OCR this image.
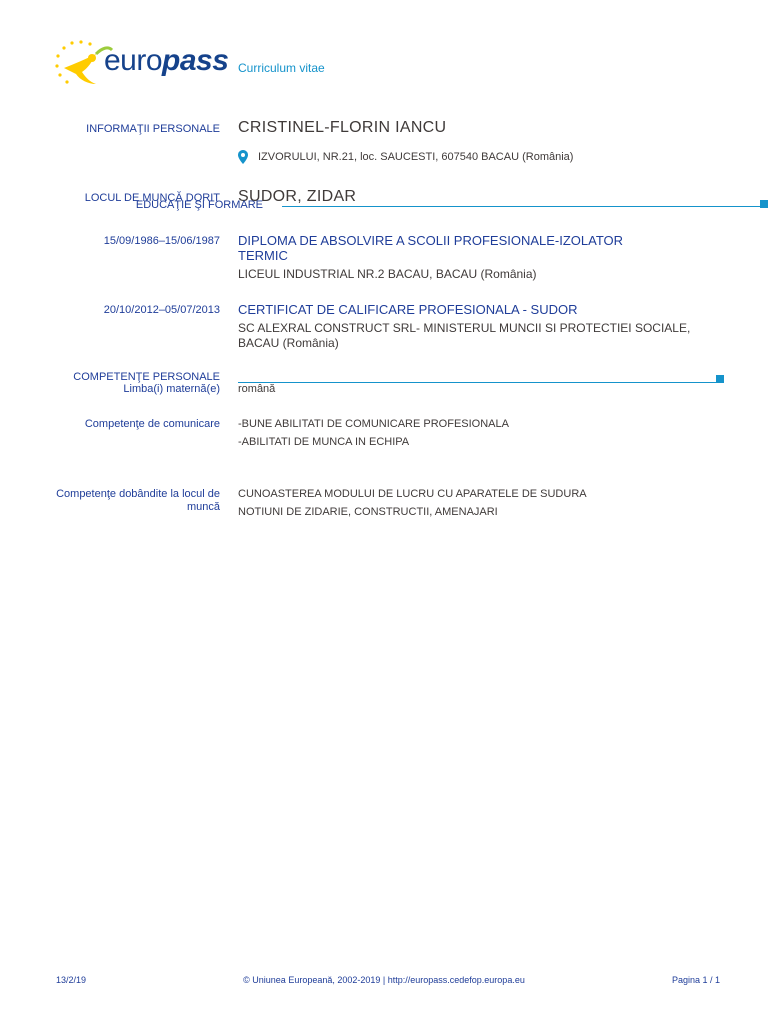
europass Curriculum vitae
INFORMAŢII PERSONALE CRISTINEL-FLORIN IANCU
IZVORULUI, NR.21, loc. SAUCESTI, 607540 BACAU (România)
LOCUL DE MUNCĂ DORIT SUDOR, ZIDAR
EDUCAŢIE ŞI FORMARE
15/09/1986–15/06/1987 DIPLOMA DE ABSOLVIRE A SCOLII PROFESIONALE-IZOLATOR
TERMIC
LICEUL INDUSTRIAL NR.2 BACAU, BACAU (România)
20/10/2012–05/07/2013 CERTIFICAT DE CALIFICARE PROFESIONALA - SUDOR
SC ALEXRAL CONSTRUCT SRL- MINISTERUL MUNCII SI PROTECTIEI SOCIALE,
BACAU (România)
COMPETENŢE PERSONALE
Limba(i) maternă(e) română
Competenţe de comunicare -BUNE ABILITATI DE COMUNICARE PROFESIONALA
-ABILITATI DE MUNCA IN ECHIPA
Competenţe dobândite la locul de
muncă
CUNOASTEREA MODULUI DE LUCRU CU APARATELE DE SUDURA
NOTIUNI DE ZIDARIE, CONSTRUCTII, AMENAJARI
13/2/19	© Uniunea Europeană, 2002-2019 | http://europass.cedefop.europa.eu	Pagina 1 / 1
